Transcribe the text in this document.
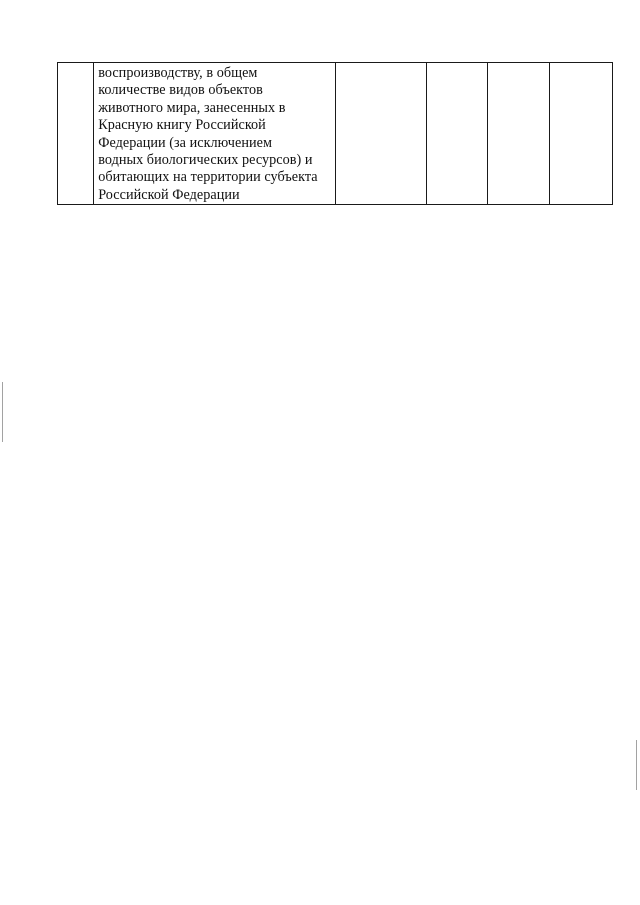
воспроизводству, в общем
количестве видов объектов
животного мира, занесенных в
Красную книгу Российской
Федерации (за исключением
водных биологических ресурсов) и
обитающих на территории субъекта
Российской Федерации
